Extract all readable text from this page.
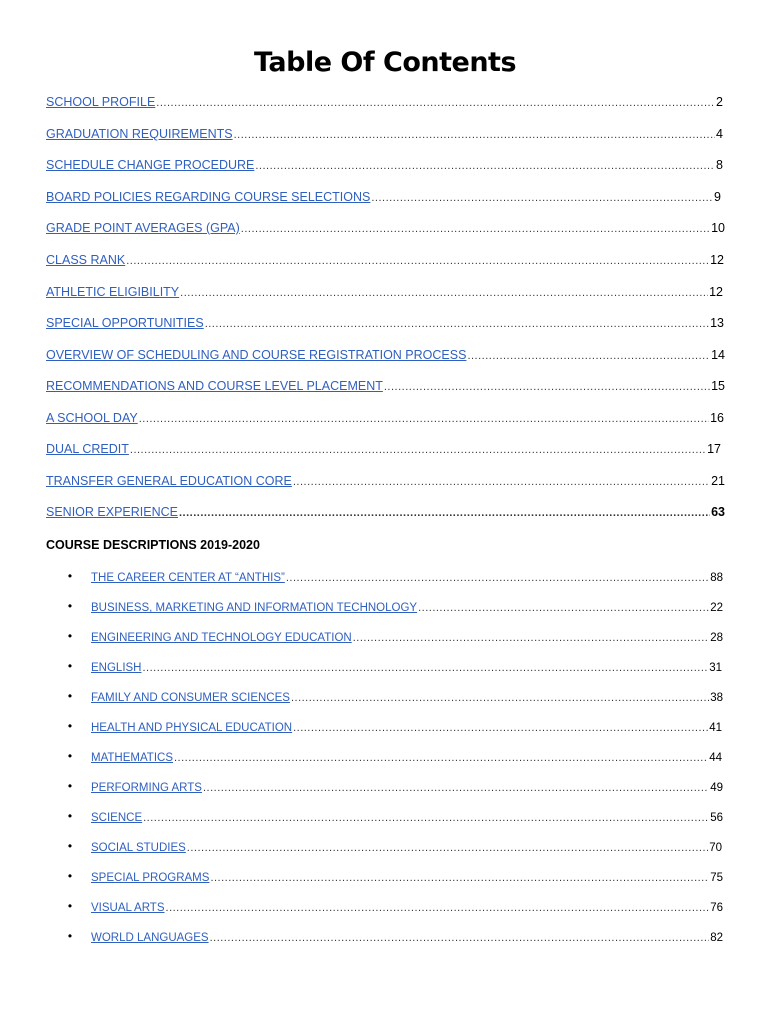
Table Of Contents
SCHOOL PROFILE .....	2
GRADUATION REQUIREMENTS .....	4
SCHEDULE CHANGE PROCEDURE .....	8
BOARD POLICIES REGARDING COURSE SELECTIONS .....	9
GRADE POINT AVERAGES (GPA) .....	10
CLASS RANK .....	12
ATHLETIC ELIGIBILITY .....	12
SPECIAL OPPORTUNITIES .....	13
OVERVIEW OF SCHEDULING AND COURSE REGISTRATION PROCESS .....	14
RECOMMENDATIONS AND COURSE LEVEL PLACEMENT .....	15
A SCHOOL DAY .....	16
DUAL CREDIT .....	17
TRANSFER GENERAL EDUCATION CORE .....	21
SENIOR EXPERIENCE .....	63
COURSE DESCRIPTIONS 2019-2020
• THE CAREER CENTER AT “ANTHIS” .....	88
• BUSINESS, MARKETING AND INFORMATION TECHNOLOGY .....	22
• ENGINEERING AND TECHNOLOGY EDUCATION .....	28
• ENGLISH .....	31
• FAMILY AND CONSUMER SCIENCES .....	38
• HEALTH AND PHYSICAL EDUCATION .....	41
• MATHEMATICS .....	44
• PERFORMING ARTS .....	49
• SCIENCE .....	56
• SOCIAL STUDIES .....	70
• SPECIAL PROGRAMS .....	75
• VISUAL ARTS .....	76
• WORLD LANGUAGES .....	82
